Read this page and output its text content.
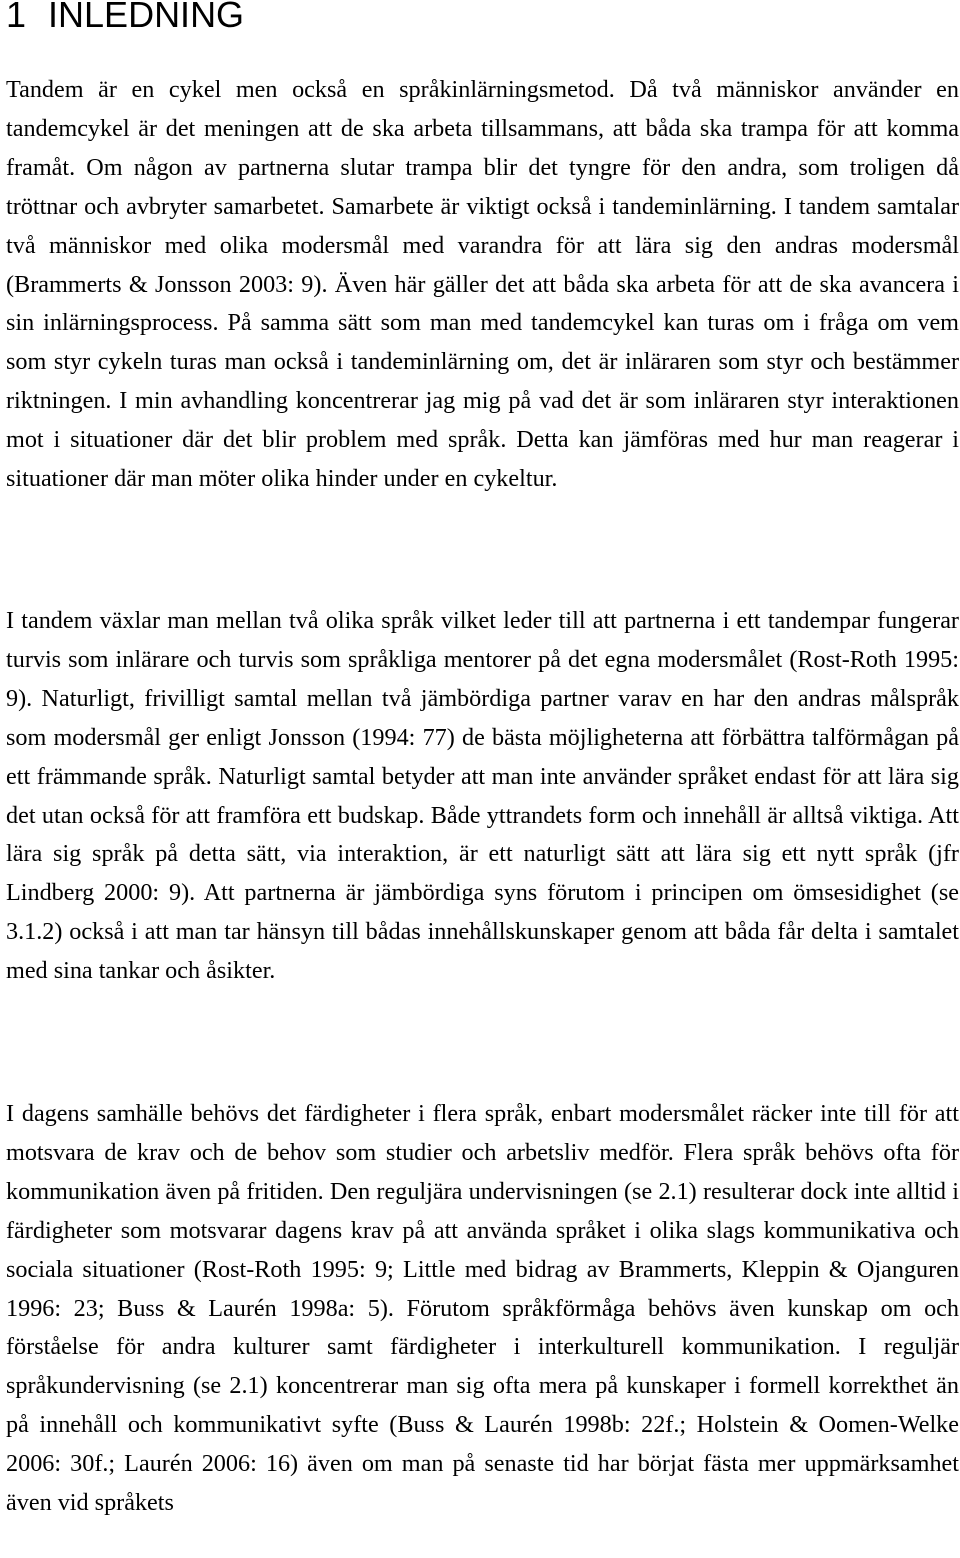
1 INLEDNING

Tandem är en cykel men också en språkinlärningsmetod. Då två människor använder en tandemcykel är det meningen att de ska arbeta tillsammans, att båda ska trampa för att komma framåt. Om någon av partnerna slutar trampa blir det tyngre för den andra, som troligen då tröttnar och avbryter samarbetet. Samarbete är viktigt också i tandeminlärning. I tandem samtalar två människor med olika modersmål med varandra för att lära sig den andras modersmål (Brammerts & Jonsson 2003: 9). Även här gäller det att båda ska arbeta för att de ska avancera i sin inlärningsprocess. På samma sätt som man med tandemcykel kan turas om i fråga om vem som styr cykeln turas man också i tandeminlärning om, det är inläraren som styr och bestämmer riktningen. I min avhandling koncentrerar jag mig på vad det är som inläraren styr interaktionen mot i situationer där det blir problem med språk. Detta kan jämföras med hur man reagerar i situationer där man möter olika hinder under en cykeltur.

I tandem växlar man mellan två olika språk vilket leder till att partnerna i ett tandempar fungerar turvis som inlärare och turvis som språkliga mentorer på det egna modersmålet (Rost-Roth 1995: 9). Naturligt, frivilligt samtal mellan två jämbördiga partner varav en har den andras målspråk som modersmål ger enligt Jonsson (1994: 77) de bästa möjligheterna att förbättra talförmågan på ett främmande språk. Naturligt samtal betyder att man inte använder språket endast för att lära sig det utan också för att framföra ett budskap. Både yttrandets form och innehåll är alltså viktiga. Att lära sig språk på detta sätt, via interaktion, är ett naturligt sätt att lära sig ett nytt språk (jfr Lindberg 2000: 9). Att partnerna är jämbördiga syns förutom i principen om ömsesidighet (se 3.1.2) också i att man tar hänsyn till bådas innehållskunskaper genom att båda får delta i samtalet med sina tankar och åsikter.

I dagens samhälle behövs det färdigheter i flera språk, enbart modersmålet räcker inte till för att motsvara de krav och de behov som studier och arbetsliv medför. Flera språk behövs ofta för kommunikation även på fritiden. Den reguljära undervisningen (se 2.1) resulterar dock inte alltid i färdigheter som motsvarar dagens krav på att använda språket i olika slags kommunikativa och sociala situationer (Rost-Roth 1995: 9; Little med bidrag av Brammerts, Kleppin & Ojanguren 1996: 23; Buss & Laurén 1998a: 5). Förutom språkförmåga behövs även kunskap om och förståelse för andra kulturer samt färdigheter i interkulturell kommunikation. I reguljär språkundervisning (se 2.1) koncentrerar man sig ofta mera på kunskaper i formell korrekthet än på innehåll och kommunikativt syfte (Buss & Laurén 1998b: 22f.; Holstein & Oomen-Welke 2006: 30f.; Laurén 2006: 16) även om man på senaste tid har börjat fästa mer uppmärksamhet även vid språkets
